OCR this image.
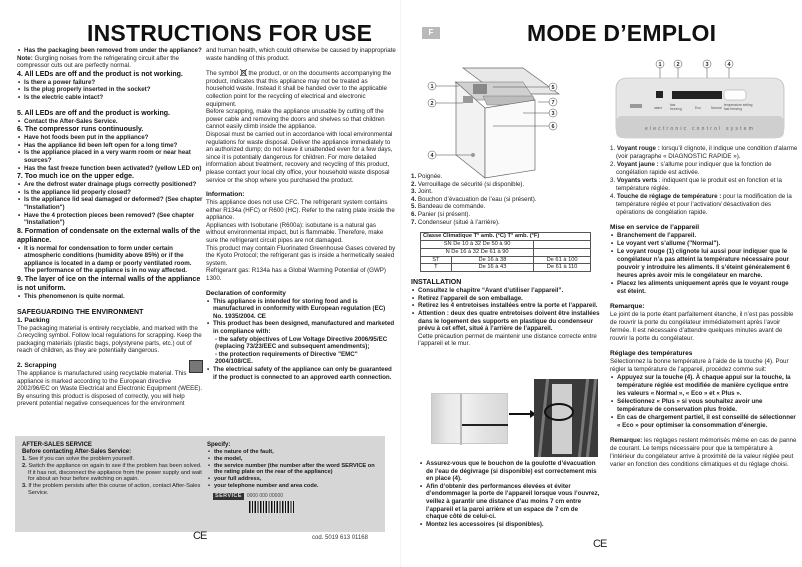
INSTRUCTIONS FOR USE
• Has the packaging been removed from under the appliance?

Note: Gurgling noises from the refrigerating circuit after the compressor cuts out are perfectly normal.

4. All LEDs are off and the product is not working.
• Is there a power failure?
• Is the plug properly inserted in the socket?
• Is the electric cable intact?
5. All LEDs are off and the product is working.
• Contact the After-Sales Service.
6. The compressor runs continuously.
• Have hot foods been put in the appliance?
• Has the appliance lid been left open for a long time?
• Is the appliance placed in a very warm room or near heat sources?
• Has the fast freeze function been activated? (yellow LED on)
7. Too much ice on the upper edge.
• Are the defrost water drainage plugs correctly positioned?
• Is the appliance lid properly closed?
• Is the appliance lid seal damaged or deformed? (See chapter "Installation")
• Have the 4 protection pieces been removed? (See chapter "Installation")
8. Formation of condensate on the external walls of the appliance.
• It is normal for condensation to form under certain atmospheric conditions (humidity above 85%) or if the appliance is located in a damp or poorly ventilated room. The performance of the appliance is in no way affected.
9. The layer of ice on the internal walls of the appliance is not uniform.
• This phenomenon is quite normal.
SAFEGUARDING THE ENVIRONMENT
1. Packing

The packaging material is entirely recyclable, and marked with the ♺recycling symbol. Follow local regulations for scrapping. Keep the packaging materials (plastic bags, polystyrene parts, etc.) out of reach of children, as they are potentially dangerous.

2. Scrapping

The appliance is manufactured using recyclable material. This appliance is marked according to the European directive 2002/96/EC on Waste Electrical and Electronic Equipment (WEEE).

By ensuring this product is disposed of correctly, you will help prevent potential negative consequences for the environment

and human health, which could otherwise be caused by inappropriate waste handling of this product.

The symbol  the product, or on the documents accompanying the product, indicates that this appliance may not be treated as household waste. Instead it shall be handed over to the applicable collection point for the recycling of electrical and electronic equipment.

Before scrapping, make the appliance unusable by cutting off the power cable and removing the doors and shelves so that children cannot easily climb inside the appliance.

Disposal must be carried out in accordance with local environmental regulations for waste disposal. Deliver the appliance immediately to an authorized dump; do not leave it unattended even for a few days, since it is potentially dangerous for children. For more detailed information about treatment, recovery and recycling of this product, please contact your local city office, your household waste disposal service or the shop where you purchased the product.

Information:

This appliance does not use CFC. The refrigerant system contains either R134a (HFC) or R600 (HC). Refer to the rating plate inside the appliance.

Appliances with Isobutane (R600a): isobutane is a natural gas without environmental impact, but is flammable. Therefore, make sure the refrigerant circuit pipes are not damaged.

This product may contain Fluorinated Greenhouse Gases covered by the Kyoto Protocol; the refrigerant gas is inside a hermetically sealed system.

Refrigerant gas: R134a has a Global Warming Potential of (GWP) 1300.

Declaration of conformity
• This appliance is intended for storing food and is manufactured in conformity with European regulation (EC) No. 1935/2004. CE
• This product has been designed, manufactured and marketed in compliance with:
- the safety objectives of Low Voltage Directive 2006/95/EC (replacing 73/23/EEC and subsequent amendments);
- the protection requirements of Directive "EMC" 2004/108/CE.
• The electrical safety of the appliance can only be guaranteed if the product is connected to an approved earth connection.
AFTER-SALES SERVICE
Before contacting After-Sales Service:

1. See if you can solve the problem yourself.

2. Switch the appliance on again to see if the problem has been solved. If it has not, disconnect the appliance from the power supply and wait for about an hour before switching on again.

3. If the problem persists after this course of action, contact After-Sales Service.

Specify:
• the nature of the fault,
• the model,
• the service number (the number after the word SERVICE on the rating plate on the rear of the appliance)
• your full address,
• your telephone number and area code.
SERVICE	0000 000 00000
CE	cod. 5019 613 01168
F	MODE D’EMPLOI
1
2
4
5
7
3
6
1	2	3	4
alarm
fast
freezing	Eco	Normal
temperature setting
fast freezing
electronic control system

1. Poignée.

2. Verrouillage de sécurité (si disponible).

3. Joint.

4. Bouchon d’évacuation de l’eau (si présent).

5. Bandeau de commande.

6. Panier (si présent).

7. Condenseur (situé à l’arrière).

Classe Climatique T° amb. (°C) T° amb. (°F)		
SN De 10 à 32 De 50 à 90		
N De 16 à 32 De 61 à 90		
ST	De 16 à 38	De 61 à 100
T	De 16 à 43	De 61 à 110
INSTALLATION
• Consultez le chapitre “Avant d’utiliser l’appareil”.
• Retirez l’appareil de son emballage.
• Retirez les 4 entretoises installées entre la porte et l’appareil.
• Attention : deux des quatre entretoises doivent être installées dans le logement des supports en plastique du condenseur prévu à cet effet, situé à l’arrière de l’appareil.

Cette précaution permet de maintenir une distance correcte entre l’appareil et le mur.

• Assurez-vous que le bouchon de la goulotte d’évacuation de l’eau de dégivrage (si disponible) est correctement mis en place (4).
• Afin d’obtenir des performances élevées et éviter d’endommager la porte de l’appareil lorsque vous l’ouvrez, veillez à garantir une distance d’au moins 7 cm entre l’appareil et la paroi arrière et un espace de 7 cm de chaque côté de celui-ci.
• Montez les accessoires (si disponibles).

1. Voyant rouge : lorsqu’il clignote, il indique une condition d’alarme (voir paragraphe « DIAGNOSTIC RAPIDE »).

2. Voyant jaune : s’allume pour indiquer que la fonction de congélation rapide est activée.

3. Voyants verts : indiquent que le produit est en fonction et la température réglée.

4. Touche de réglage de température : pour la modification de la température réglée et pour l’activation/ désactivation des opérations de congélation rapide.

Mise en service de l’appareil
• Branchement de l’appareil.
• Le voyant vert s’allume ("Normal").
• Le voyant rouge (1) clignote lui aussi pour indiquer que le congélateur n’a pas atteint la température nécessaire pour pouvoir y introduire les aliments. Il s’éteint généralement 6 heures après avoir mis le congélateur en marche.
• Placez les aliments uniquement après que le voyant rouge est éteint.
Remarque:

Le joint de la porte étant parfaitement étanche, il n’est pas possible de rouvrir la porte du congélateur immédiatement après l’avoir fermée. Il est nécessaire d’attendre quelques minutes avant de rouvrir la porte du congélateur.

Réglage des températures

Sélectionnez la bonne température à l’aide de la touche (4). Pour régler la température de l’appareil, procédez comme suit:

• Appuyez sur la touche (4). À chaque appui sur la touche, la température réglée est modifiée de manière cyclique entre les valeurs « Normal », « Eco » et « Plus ».
• Sélectionnez « Plus » si vous souhaitez avoir une température de conservation plus froide.
• En cas de chargement partiel, il est conseillé de sélectionner « Eco » pour optimiser la consommation d’énergie.

Remarque: les réglages restent mémorisés même en cas de panne de courant. Le temps nécessaire pour que la température à l’intérieur du congélateur arrive à proximité de la valeur réglée peut varier en fonction des conditions climatiques et du réglage choisi.

CE
